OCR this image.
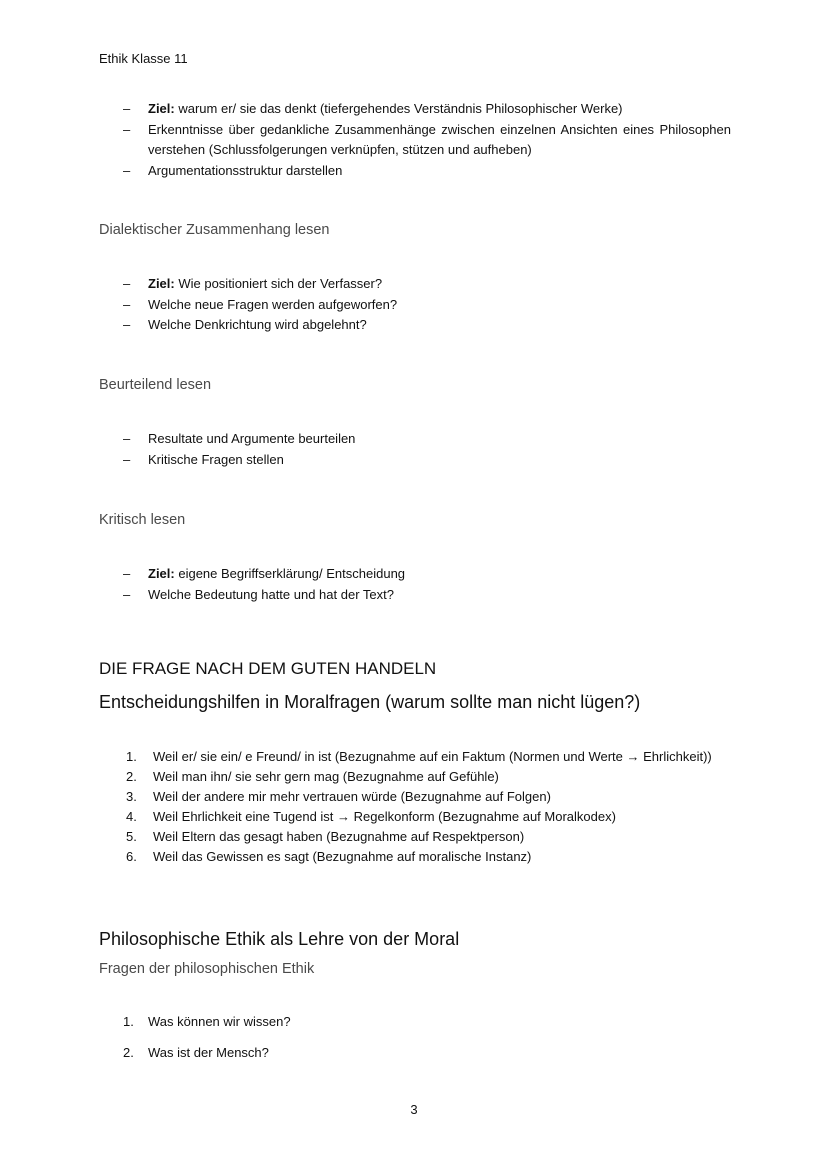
Ethik Klasse 11
– Ziel: warum er/ sie das denkt (tiefergehendes Verständnis Philosophischer Werke)
– Erkenntnisse über gedankliche Zusammenhänge zwischen einzelnen Ansichten eines Philosophen verstehen (Schlussfolgerungen verknüpfen, stützen und aufheben)
– Argumentationsstruktur darstellen
Dialektischer Zusammenhang lesen
– Ziel: Wie positioniert sich der Verfasser?
– Welche neue Fragen werden aufgeworfen?
– Welche Denkrichtung wird abgelehnt?
Beurteilend lesen
– Resultate und Argumente beurteilen
– Kritische Fragen stellen
Kritisch lesen
– Ziel: eigene Begriffserklärung/ Entscheidung
– Welche Bedeutung hatte und hat der Text?
DIE FRAGE NACH DEM GUTEN HANDELN
Entscheidungshilfen in Moralfragen (warum sollte man nicht lügen?)
1. Weil er/ sie ein/ e Freund/ in ist (Bezugnahme auf ein Faktum (Normen und Werte → Ehrlichkeit))
2. Weil man ihn/ sie sehr gern mag (Bezugnahme auf Gefühle)
3. Weil der andere mir mehr vertrauen würde (Bezugnahme auf Folgen)
4. Weil Ehrlichkeit eine Tugend ist → Regelkonform (Bezugnahme auf Moralkodex)
5. Weil Eltern das gesagt haben (Bezugnahme auf Respektperson)
6. Weil das Gewissen es sagt (Bezugnahme auf moralische Instanz)
Philosophische Ethik als Lehre von der Moral
Fragen der philosophischen Ethik
1. Was können wir wissen?
2. Was ist der Mensch?
3
